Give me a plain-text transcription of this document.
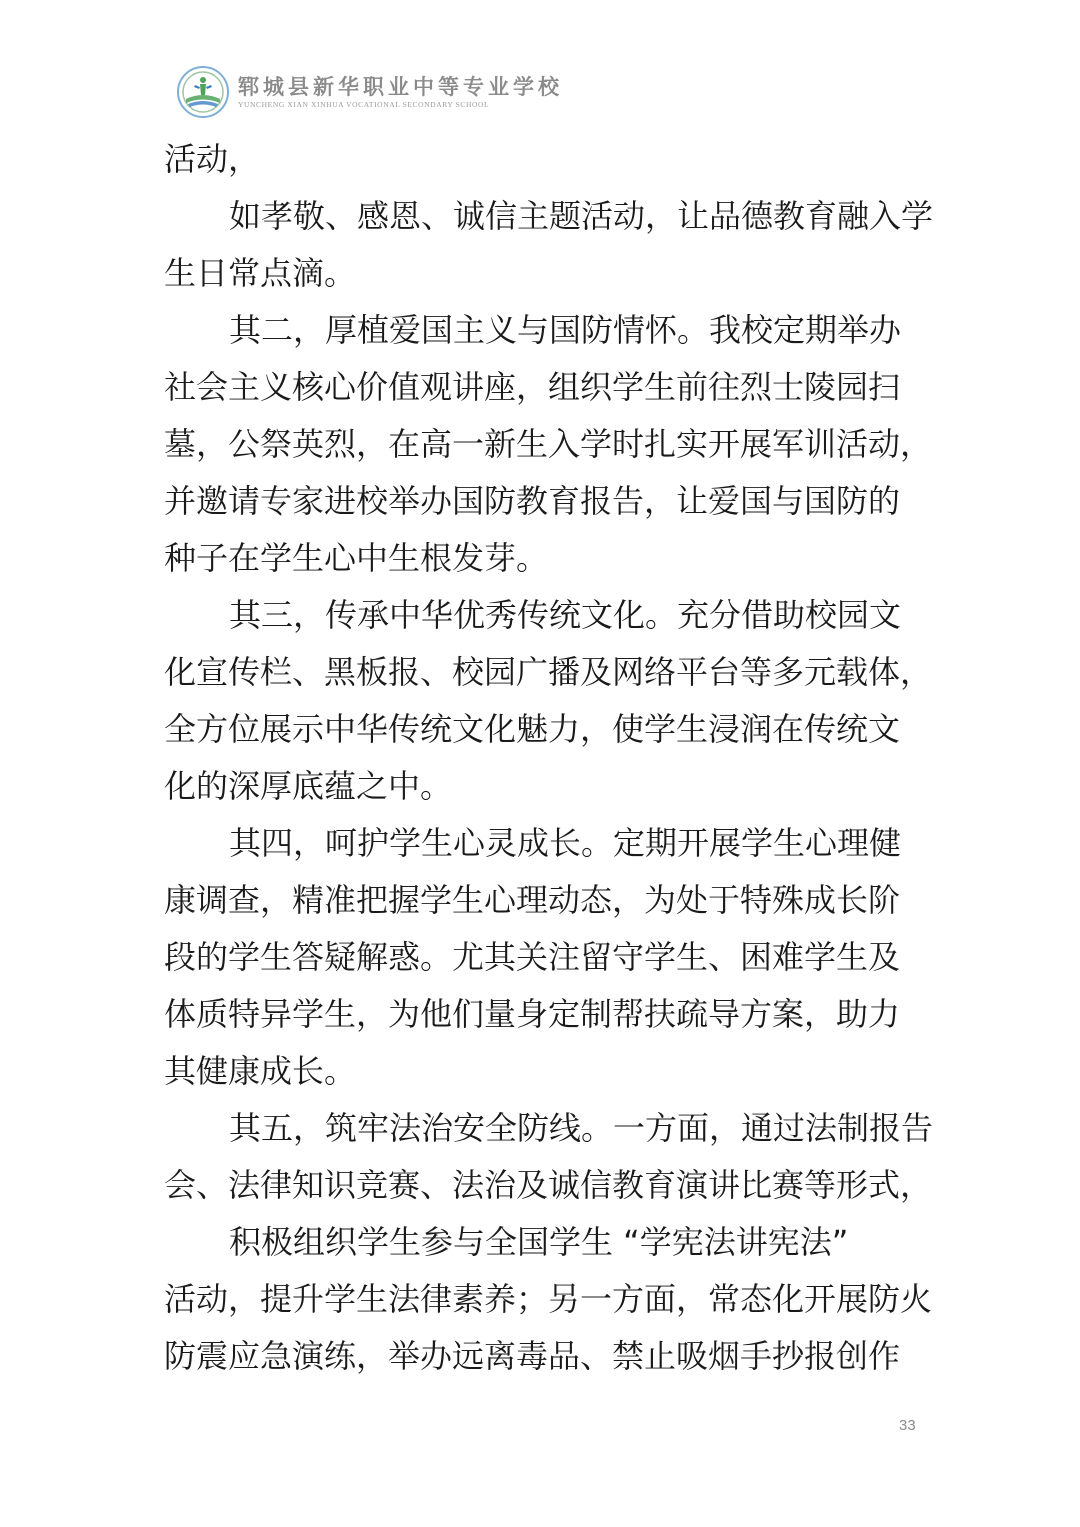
郓城县新华职业中等专业学校
YUNCHENG XIAN XINHUA VOCATIONAL SECONDARY SCHOOL
活动，
如孝敬、感恩、诚信主题活动，让品德教育融入学
生日常点滴。
其二，厚植爱国主义与国防情怀。我校定期举办
社会主义核心价值观讲座，组织学生前往烈士陵园扫
墓，公祭英烈，在高一新生入学时扎实开展军训活动，
并邀请专家进校举办国防教育报告，让爱国与国防的
种子在学生心中生根发芽。
其三，传承中华优秀传统文化。充分借助校园文
化宣传栏、黑板报、校园广播及网络平台等多元载体，
全方位展示中华传统文化魅力，使学生浸润在传统文
化的深厚底蕴之中。
其四，呵护学生心灵成长。定期开展学生心理健
康调查，精准把握学生心理动态，为处于特殊成长阶
段的学生答疑解惑。尤其关注留守学生、困难学生及
体质特异学生，为他们量身定制帮扶疏导方案，助力
其健康成长。
其五，筑牢法治安全防线。一方面，通过法制报告
会、法律知识竞赛、法治及诚信教育演讲比赛等形式，
积极组织学生参与全国学生 “学宪法讲宪法”
活动，提升学生法律素养；另一方面，常态化开展防火
防震应急演练，举办远离毒品、禁止吸烟手抄报创作
33
